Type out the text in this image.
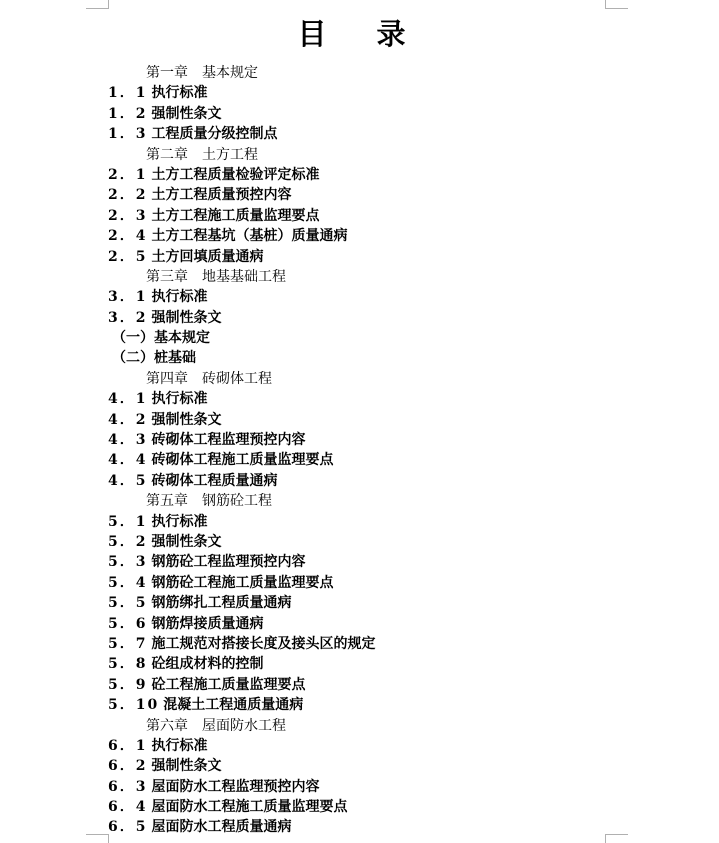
目录
第一章　基本规定
1．1 执行标准
1．2 强制性条文
1．3 工程质量分级控制点
第二章　土方工程
2．1 土方工程质量检验评定标准
2．2 土方工程质量预控内容
2．3 土方工程施工质量监理要点
2．4 土方工程基坑（基桩）质量通病
2．5 土方回填质量通病
第三章　地基基础工程
3．1 执行标准
3．2 强制性条文
（一）基本规定
（二）桩基础
第四章　砖砌体工程
4．1 执行标准
4．2 强制性条文
4．3 砖砌体工程监理预控内容
4．4 砖砌体工程施工质量监理要点
4．5 砖砌体工程质量通病
第五章　钢筋砼工程
5．1 执行标准
5．2 强制性条文
5．3 钢筋砼工程监理预控内容
5．4 钢筋砼工程施工质量监理要点
5．5 钢筋绑扎工程质量通病
5．6 钢筋焊接质量通病
5．7 施工规范对搭接长度及接头区的规定
5．8 砼组成材料的控制
5．9 砼工程施工质量监理要点
5．10 混凝土工程通质量通病
第六章　屋面防水工程
6．1 执行标准
6．2 强制性条文
6．3 屋面防水工程监理预控内容
6．4 屋面防水工程施工质量监理要点
6．5 屋面防水工程质量通病
